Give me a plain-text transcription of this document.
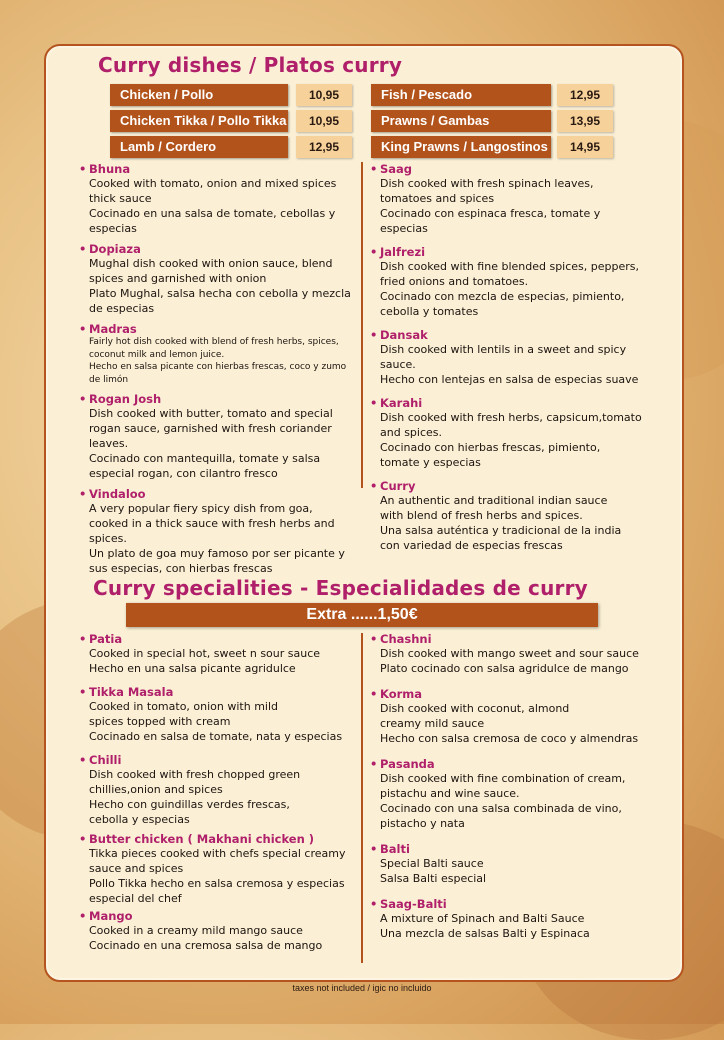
Curry dishes / Platos curry
Chicken / Pollo	10,95
Chicken Tikka / Pollo Tikka	10,95
Lamb / Cordero	12,95
Fish / Pescado	12,95
Prawns / Gambas	13,95
King Prawns / Langostinos	14,95
• Bhuna
Cooked with tomato, onion and mixed spices
thick sauce
Cocinado en una salsa de tomate, cebollas y
especias
• Dopiaza
Mughal dish cooked with onion sauce, blend
spices and garnished with onion
Plato Mughal, salsa hecha con cebolla y mezcla
de especias
• Madras
Fairly hot dish cooked with blend of fresh herbs, spices,
coconut milk and lemon juice.
Hecho en salsa picante con hierbas frescas, coco y zumo
de limón
• Rogan Josh
Dish cooked with butter, tomato and special
rogan sauce, garnished with fresh coriander
leaves.
Cocinado con mantequilla, tomate y salsa
especial rogan, con cilantro fresco
• Vindaloo
A very popular fiery spicy dish from goa,
cooked in a thick sauce with fresh herbs and
spices.
Un plato de goa muy famoso por ser picante y
sus especias, con hierbas frescas
• Saag
Dish cooked with fresh spinach leaves,
tomatoes and spices
Cocinado con espinaca fresca, tomate y
especias
• Jalfrezi
Dish cooked with fine blended spices, peppers,
fried onions and tomatoes.
Cocinado con mezcla de especias, pimiento,
cebolla y tomates
• Dansak
Dish cooked with lentils in a sweet and spicy
sauce.
Hecho con lentejas en salsa de especias suave
• Karahi
Dish cooked with fresh herbs, capsicum,tomato
and spices.
Cocinado con hierbas frescas, pimiento,
tomate y especias
• Curry
An authentic and traditional indian sauce
with blend of fresh herbs and spices.
Una salsa auténtica y tradicional de la india
con variedad de especias frescas
Curry specialities - Especialidades de curry
Extra ......1,50€
• Patia
Cooked in special hot, sweet n sour sauce
Hecho en una salsa picante agridulce
• Tikka Masala
Cooked in tomato, onion with mild
spices topped with cream
Cocinado en salsa de tomate, nata y especias
• Chilli
Dish cooked with fresh chopped green
chillies,onion and spices
Hecho con guindillas verdes frescas,
cebolla y especias
• Butter chicken ( Makhani chicken )
Tikka pieces cooked with chefs special creamy
sauce and spices
Pollo Tikka hecho en salsa cremosa y especias
especial del chef
• Mango
Cooked in a creamy mild mango sauce
Cocinado en una cremosa salsa de mango
• Chashni
Dish cooked with mango sweet and sour sauce
Plato cocinado con salsa agridulce de mango
• Korma
Dish cooked with coconut, almond
creamy mild sauce
Hecho con salsa cremosa de coco y almendras
• Pasanda
Dish cooked with fine combination of cream,
pistachu and wine sauce.
Cocinado con una salsa combinada de vino,
pistacho y nata
• Balti
Special Balti sauce
Salsa Balti especial
• Saag-Balti
A mixture of Spinach and Balti Sauce
Una mezcla de salsas Balti y Espinaca
taxes not included / igic no incluido
